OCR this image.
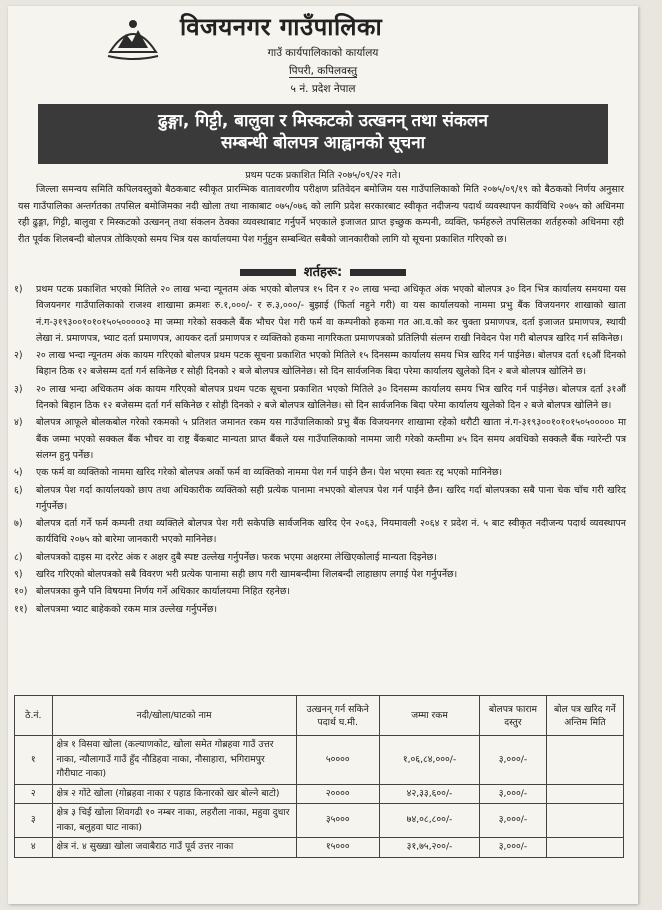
विजयनगर गाउँपालिका
गाउँ कार्यपालिकाको कार्यालय
पिपरी, कपिलवस्तु
५ नं. प्रदेश नेपाल
ढुङ्गा, गिट्टी, बालुवा र मिस्कटको उत्खनन् तथा संकलन
सम्बन्धी बोलपत्र आह्वानको सूचना
प्रथम पटक प्रकाशित मिति २०७५/०९/२२ गते।

जिल्ला समन्वय समिति कपिलवस्तुको बैठकबाट स्वीकृत प्रारम्भिक वातावरणीय परीक्षण प्रतिवेदन बमोजिम यस गाउँपालिकाको मिति २०७५/०९/१९ को बैठकको निर्णय अनुसार यस गाउँपालिका अन्तर्गतका तपसिल बमोजिमका नदी खोला तथा नाकाबाट ०७५/०७६ को लागि प्रदेश सरकारबाट स्वीकृत नदीजन्य पदार्थ व्यवस्थापन कार्यविधि २०७५ को अधिनमा रही ढुङ्गा, गिट्टी, बालुवा र मिस्कटको उत्खनन् तथा संकलन ठेक्का व्यवस्थाबाट गर्नुपर्ने भएकाले इजाजत प्राप्त इच्छुक कम्पनी, व्यक्ति, फर्महरुले तपसिलका शर्तहरुको अधिनमा रही रीत पूर्वक शिलबन्दी बोलपत्र तोकिएको समय भित्र यस कार्यालयमा पेश गर्नुहुन सम्बन्धित सबैको जानकारीको लागि यो सूचना प्रकाशित गरिएको छ।

शर्तहरू:
१)	प्रथम पटक प्रकाशित भएको मितिले २० लाख भन्दा न्यूनतम अंक भएको बोलपत्र १५ दिन र २० लाख भन्दा अधिकृत अंक भएको बोलपत्र ३० दिन भित्र कार्यालय समयमा यस विजयनगर गाउँपालिकाको राजश्व शाखामा क्रमशः रु.१,०००/- र रु.३,०००/- बुझाई (फिर्ता नहुने गरी) वा यस कार्यालयको नाममा प्रभु बैंक विजयनगर शाखाको खाता नं.ग-३१९३००१०१०१५०५०००००३ मा जम्मा गरेको सक्कलै बैंक भौचर पेश गरी फर्म वा कम्पनीको हकमा गत आ.व.को कर चुक्ता प्रमाणपत्र, दर्ता इजाजत प्रमाणपत्र, स्थायी लेखा नं. प्रमाणपत्र, भ्याट दर्ता प्रमाणपत्र, आयकर दर्ता प्रमाणपत्र र व्यक्तिको हकमा नागरिकता प्रमाणपत्रको प्रतिलिपी संलग्न राखी निवेदन पेश गरी बोलपत्र खरिद गर्न सकिनेछ।
२)	२० लाख भन्दा न्यूनतम अंक कायम गरिएको बोलपत्र प्रथम पटक सूचना प्रकाशित भएको मितिले १५ दिनसम्म कार्यालय समय भित्र खरिद गर्न पाईनेछ। बोलपत्र दर्ता १६औं दिनको बिहान ठिक १२ बजेसम्म दर्ता गर्न सकिनेछ र सोही दिनको २ बजे बोलपत्र खोलिनेछ। सो दिन सार्वजनिक बिदा परेमा कार्यालय खुलेको दिन २ बजे बोलपत्र खोलिने छ।
३)	२० लाख भन्दा अधिकतम अंक कायम गरिएको बोलपत्र प्रथम पटक सूचना प्रकाशित भएको मितिले ३० दिनसम्म कार्यालय समय भित्र खरिद गर्न पाईनेछ। बोलपत्र दर्ता ३१औं दिनको बिहान ठिक १२ बजेसम्म दर्ता गर्न सकिनेछ र सोही दिनको २ बजे बोलपत्र खोलिनेछ। सो दिन सार्वजनिक बिदा परेमा कार्यालय खुलेको दिन २ बजे बोलपत्र खोलिने छ।
४)	बोलपत्र आफूले बोलकबोल गरेको रकमको ५ प्रतिशत जमानत रकम यस गाउँपालिकाको प्रभु बैंक विजयनगर शाखामा रहेको धरौटी खाता नं.ग-३१९३००१०१०१५०५००००० मा बैंक जम्मा भएको सक्कल बैंक भौचर वा राष्ट्र बैंकबाट मान्यता प्राप्त बैंकले यस गाउँपालिकाको नाममा जारी गरेको कम्तीमा ४५ दिन समय अवधिको सक्कलै बैंक ग्यारेन्टी पत्र संलग्न हुनु पर्नेछ।
५)	एक फर्म वा व्यक्तिको नाममा खरिद गरेको बोलपत्र अर्को फर्म वा व्यक्तिको नाममा पेश गर्न पाईने छैन। पेश भएमा स्वतः रद्द भएको मानिनेछ।
६)	बोलपत्र पेश गर्दा कार्यालयको छाप तथा अधिकारीक व्यक्तिको सही प्रत्येक पानामा नभएको बोलपत्र पेश गर्न पाईने छैन। खरिद गर्दा बोलपत्रका सबै पाना चेक चाँच गरी खरिद गर्नुपर्नेछ।
७)	बोलपत्र दर्ता गर्ने फर्म कम्पनी तथा व्यक्तिले बोलपत्र पेश गरी सकेपछि सार्वजनिक खरिद ऐन २०६३, नियमावली २०६४ र प्रदेश नं. ५ बाट स्वीकृत नदीजन्य पदार्थ व्यवस्थापन कार्यविधि २०७५ को बारेमा जानकारी भएको मानिनेछ।
८)	बोलपत्रको दाइस मा दररेट अंक र अक्षर दुबै स्पष्ट उल्लेख गर्नुपर्नेछ। फरक भएमा अक्षरमा लेखिएकोलाई मान्यता दिइनेछ।
९)	खरिद गरिएको बोलपत्रको सबै विवरण भरी प्रत्येक पानामा सही छाप गरी खामबन्दीमा शिलबन्दी लाहाछाप लगाई पेश गर्नुपर्नेछ।
१०) बोलपत्रका कुनै पनि विषयमा निर्णय गर्ने अधिकार कार्यालयमा निहित रहनेछ।
११) बोलपत्रमा भ्याट बाहेकको रकम मात्र उल्लेख गर्नुपर्नेछ।
ठे.नं.	नदी/खोला/घाटको नाम	उत्खनन् गर्न सकिने पदार्थ घ.मी.	जम्मा रकम	बोलपत्र फाराम दस्तुर	बोल पत्र खरिद गर्ने अन्तिम मिति
१	क्षेत्र १ विसवा खोला (कल्याणकोट, खोला समेत गोब्रहवा गाउँ उत्तर नाका, न्यौलागाउँ गाउँ हुँद नौडिहवा नाका, नौसाहारा, भगिरामपुर गौरीघाट नाका)	५००००	१,०६,८४,०००/-	३,०००/-	
२	क्षेत्र २ गोंटे खोला (गोब्रहवा नाका र पहाड किनारको खर बोल्ने बाटो)	२००००	४२,३३,६००/-	३,०००/-	
३	क्षेत्र ३ चिर्ई खोला शिवगढी १० नम्बर नाका, लहरौला नाका, महुवा दुधार नाका, बलुहवा घाट नाका)	३५०००	७४,०८,८००/-	३,०००/-	
४	क्षेत्र नं. ४ सुख्खा खोला जवाबैराठ गाउँ पूर्व उत्तर नाका	१५०००	३१,७५,२००/-	३,०००/-	
